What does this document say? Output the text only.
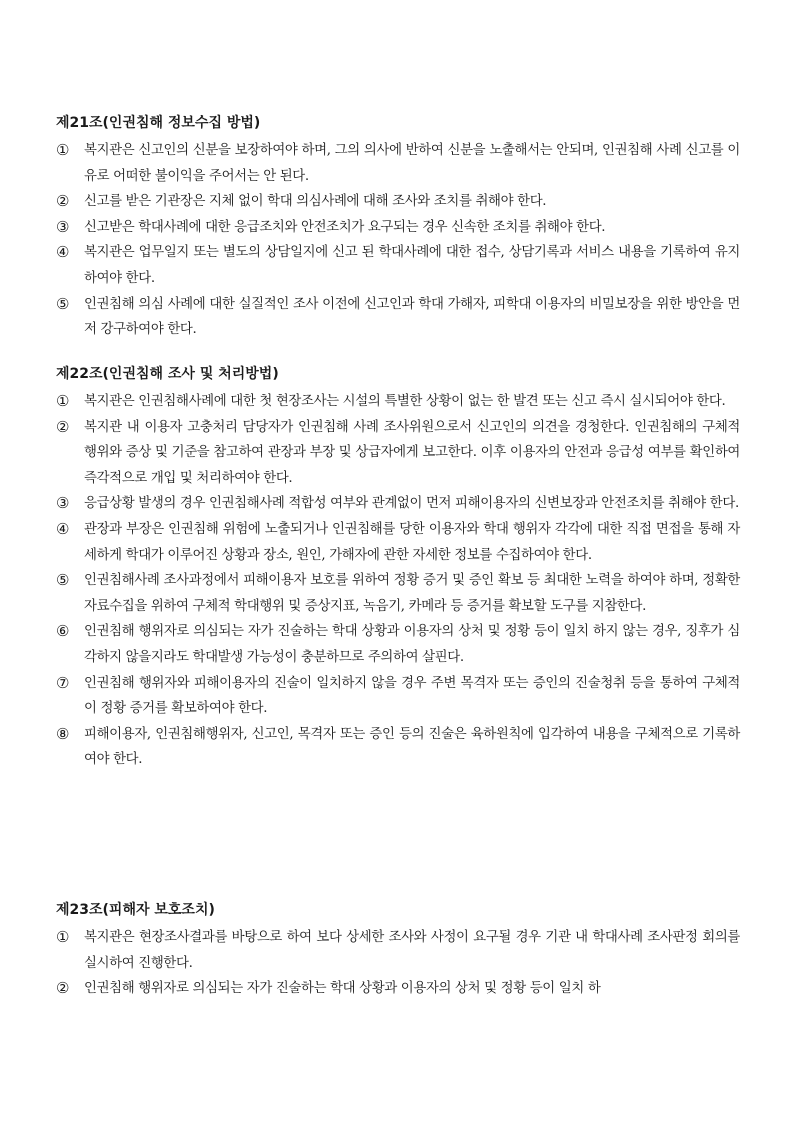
제21조(인권침해 정보수집 방법)
①	복지관은 신고인의 신분을 보장하여야 하며, 그의 의사에 반하여 신분을 노출해서는 안되며, 인권침해 사례 신고를 이유로 어떠한 불이익을 주어서는 안 된다.
②	신고를 받은 기관장은 지체 없이 학대 의심사례에 대해 조사와 조치를 취해야 한다.
③	신고받은 학대사례에 대한 응급조치와 안전조치가 요구되는 경우 신속한 조치를 취해야 한다.
④	복지관은 업무일지 또는 별도의 상담일지에 신고 된 학대사례에 대한 접수, 상담기록과 서비스 내용을 기록하여 유지하여야 한다.
⑤	인권침해 의심 사례에 대한 실질적인 조사 이전에 신고인과 학대 가해자, 피학대 이용자의 비밀보장을 위한 방안을 먼저 강구하여야 한다.
제22조(인권침해 조사 및 처리방법)
①	복지관은 인권침해사례에 대한 첫 현장조사는 시설의 특별한 상황이 없는 한 발견 또는 신고 즉시 실시되어야 한다.
②	복지관 내 이용자 고충처리 담당자가 인권침해 사례 조사위원으로서 신고인의 의견을 경청한다. 인권침해의 구체적 행위와 증상 및 기준을 참고하여 관장과 부장 및 상급자에게 보고한다. 이후 이용자의 안전과 응급성 여부를 확인하여 즉각적으로 개입 및 처리하여야 한다.
③	응급상황 발생의 경우 인권침해사례 적합성 여부와 관계없이 먼저 피해이용자의 신변보장과 안전조치를 취해야 한다.
④	관장과 부장은 인권침해 위험에 노출되거나 인권침해를 당한 이용자와 학대 행위자 각각에 대한 직접 면접을 통해 자세하게 학대가 이루어진 상황과 장소, 원인, 가해자에 관한 자세한 정보를 수집하여야 한다.
⑤	인권침해사례 조사과정에서 피해이용자 보호를 위하여 정황 증거 및 증인 확보 등 최대한 노력을 하여야 하며, 정확한 자료수집을 위하여 구체적 학대행위 및 증상지표, 녹음기, 카메라 등 증거를 확보할 도구를 지참한다.
⑥	인권침해 행위자로 의심되는 자가 진술하는 학대 상황과 이용자의 상처 및 정황 등이 일치 하지 않는 경우, 징후가 심각하지 않을지라도 학대발생 가능성이 충분하므로 주의하여 살핀다.
⑦	인권침해 행위자와 피해이용자의 진술이 일치하지 않을 경우 주변 목격자 또는 증인의 진술청취 등을 통하여 구체적이 정황 증거를 확보하여야 한다.
⑧	피해이용자, 인권침해행위자, 신고인, 목격자 또는 증인 등의 진술은 육하원칙에 입각하여 내용을 구체적으로 기록하여야 한다.
제23조(피해자 보호조치)
①	복지관은 현장조사결과를 바탕으로 하여 보다 상세한 조사와 사정이 요구될 경우 기관 내 학대사례 조사판정 회의를 실시하여 진행한다.
②	인권침해 행위자로 의심되는 자가 진술하는 학대 상황과 이용자의 상처 및 정황 등이 일치 하
